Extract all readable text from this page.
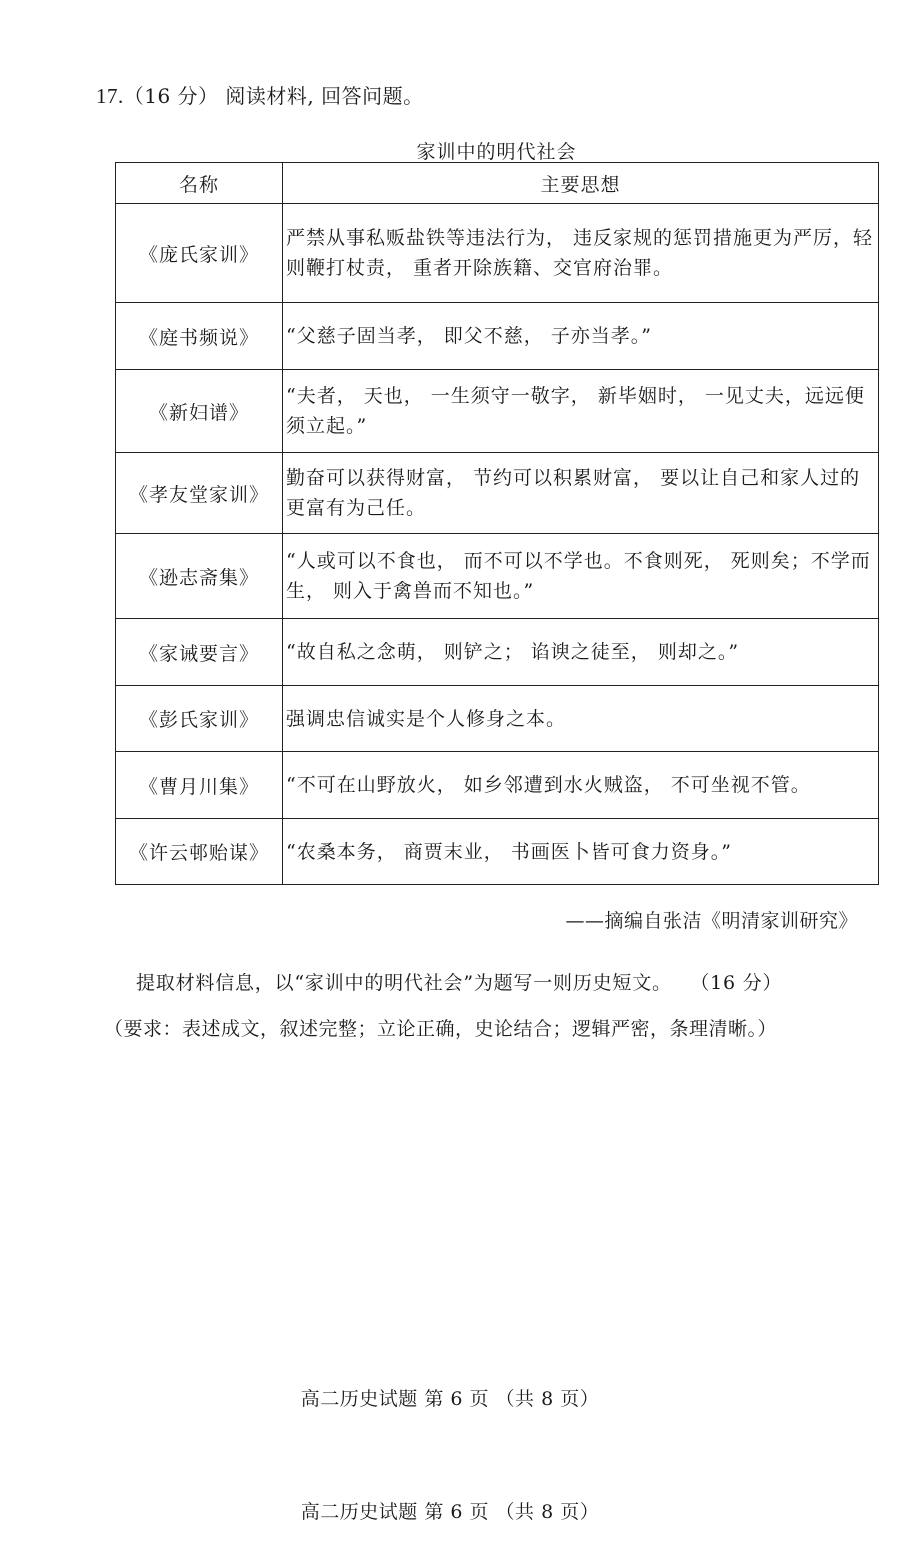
17.（16 分） 阅读材料, 回答问题。
家训中的明代社会
名称	主要思想
《庞氏家训》	严禁从事私贩盐铁等违法行为， 违反家规的惩罚措施更为严厉，轻则鞭打杖责， 重者开除族籍、交官府治罪。
《庭书频说》	“父慈子固当孝， 即父不慈， 子亦当孝。”
《新妇谱》	“夫者， 天也， 一生须守一敬字， 新毕姻时， 一见丈夫，远远便须立起。”
《孝友堂家训》	勤奋可以获得财富， 节约可以积累财富， 要以让自己和家人过的更富有为己任。
《逊志斋集》	“人或可以不食也， 而不可以不学也。不食则死， 死则矣；不学而生， 则入于禽兽而不知也。”
《家诫要言》	“故自私之念萌， 则铲之； 谄谀之徒至， 则却之。”
《彭氏家训》	强调忠信诚实是个人修身之本。
《曹月川集》	“不可在山野放火， 如乡邻遭到水火贼盗， 不可坐视不管。
《许云邨贻谋》	“农桑本务， 商贾末业， 书画医卜皆可食力资身。”
——摘编自张洁《明清家训研究》
提取材料信息，以“家训中的明代社会”为题写一则历史短文。 （16 分）
（要求：表述成文，叙述完整；立论正确，史论结合；逻辑严密，条理清晰。）
高二历史试题 第 6 页 （共 8 页）
高二历史试题 第 6 页 （共 8 页）
